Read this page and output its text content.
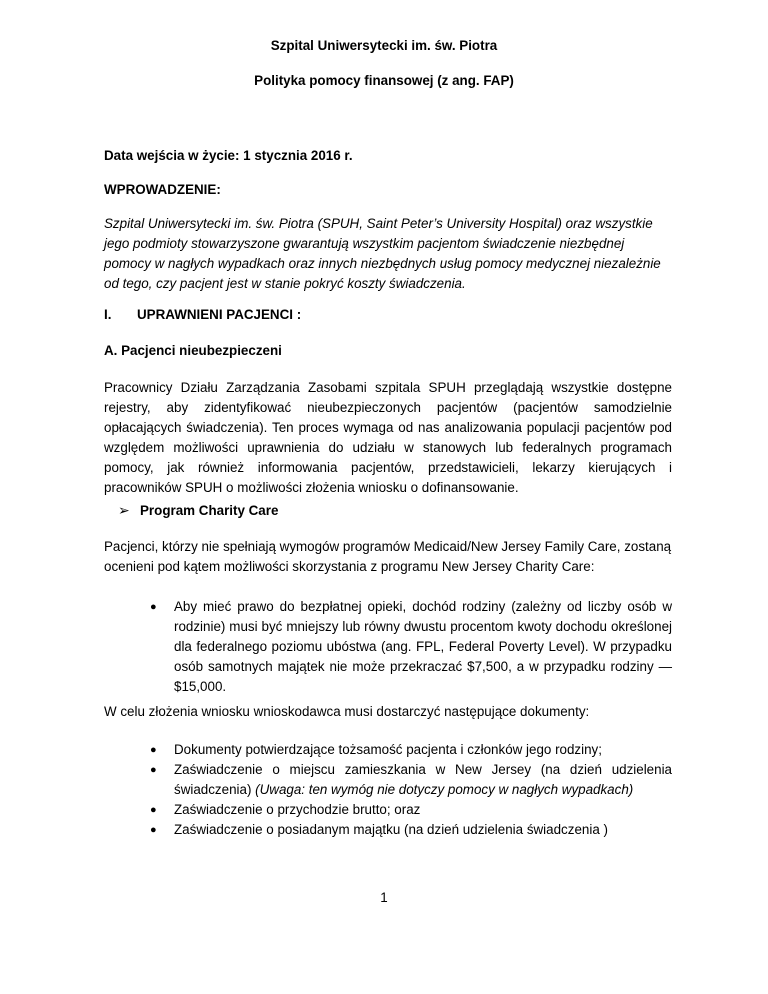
Szpital Uniwersytecki im. św. Piotra
Polityka pomocy finansowej (z ang. FAP)
Data wejścia w życie: 1 stycznia 2016 r.
WPROWADZENIE:
Szpital Uniwersytecki im. św. Piotra (SPUH, Saint Peter’s University Hospital) oraz wszystkie jego podmioty stowarzyszone gwarantują wszystkim pacjentom świadczenie niezbędnej pomocy w nagłych wypadkach oraz innych niezbędnych usług pomocy medycznej niezależnie od tego, czy pacjent jest w stanie pokryć koszty świadczenia.
I. UPRAWNIENI PACJENCI :
A. Pacjenci nieubezpieczeni
Pracownicy Działu Zarządzania Zasobami szpitala SPUH przeglądają wszystkie dostępne rejestry, aby zidentyfikować nieubezpieczonych pacjentów (pacjentów samodzielnie opłacających świadczenia). Ten proces wymaga od nas analizowania populacji pacjentów pod względem możliwości uprawnienia do udziału w stanowych lub federalnych programach pomocy, jak również informowania pacjentów, przedstawicieli, lekarzy kierujących i pracowników SPUH o możliwości złożenia wniosku o dofinansowanie.
➢ Program Charity Care
Pacjenci, którzy nie spełniają wymogów programów Medicaid/New Jersey Family Care, zostaną ocenieni pod kątem możliwości skorzystania z programu New Jersey Charity Care:
●	Aby mieć prawo do bezpłatnej opieki, dochód rodziny (zależny od liczby osób w rodzinie) musi być mniejszy lub równy dwustu procentom kwoty dochodu określonej dla federalnego poziomu ubóstwa (ang. FPL, Federal Poverty Level). W przypadku osób samotnych majątek nie może przekraczać $7,500, a w przypadku rodziny —$15,000.
W celu złożenia wniosku wnioskodawca musi dostarczyć następujące dokumenty:
●	Dokumenty potwierdzające tożsamość pacjenta i członków jego rodziny;
●	Zaświadczenie o miejscu zamieszkania w New Jersey (na dzień udzielenia świadczenia) (Uwaga: ten wymóg nie dotyczy pomocy w nagłych wypadkach)
●	Zaświadczenie o przychodzie brutto; oraz
●	Zaświadczenie o posiadanym majątku (na dzień udzielenia świadczenia )
1
